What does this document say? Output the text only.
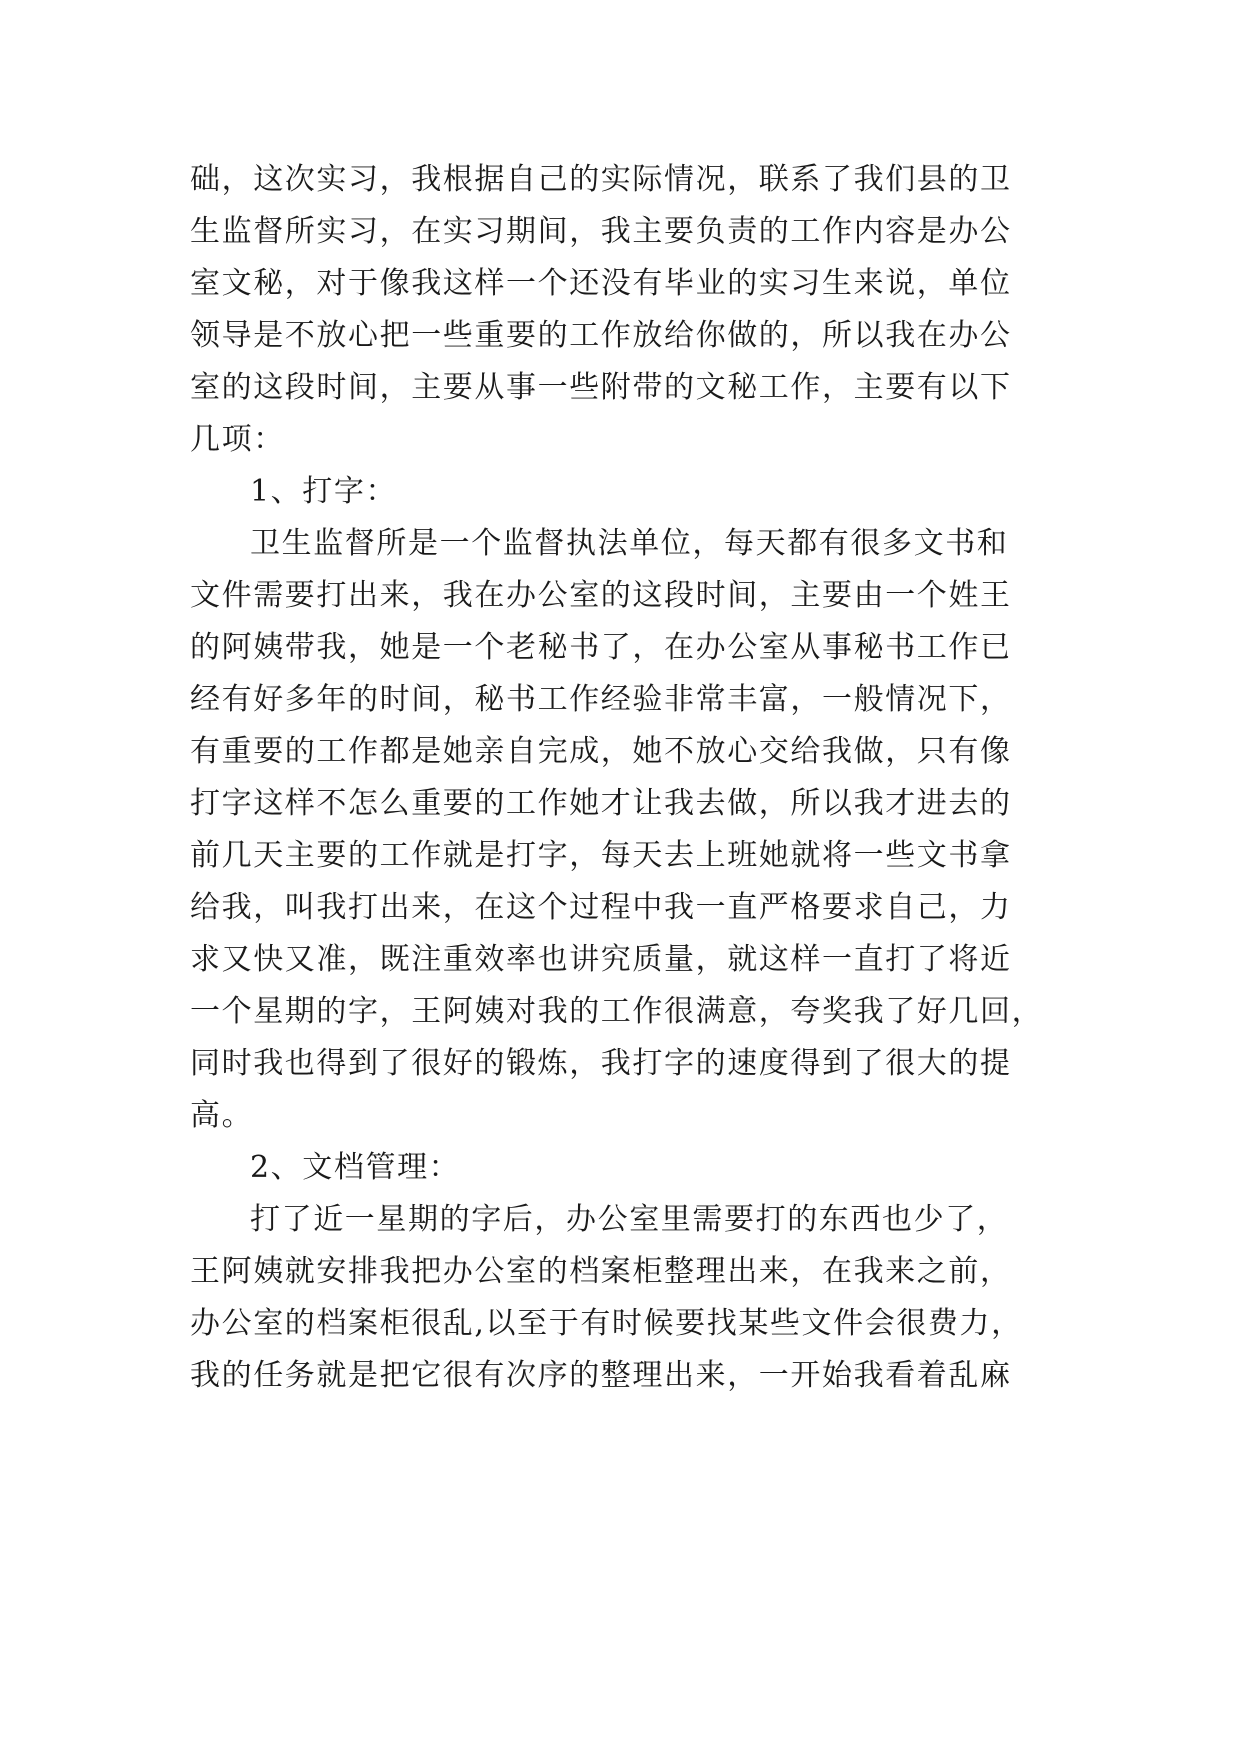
础，这次实习，我根据自己的实际情况，联系了我们县的卫
生监督所实习，在实习期间，我主要负责的工作内容是办公
室文秘，对于像我这样一个还没有毕业的实习生来说，单位
领导是不放心把一些重要的工作放给你做的，所以我在办公
室的这段时间，主要从事一些附带的文秘工作，主要有以下
几项：
1、打字：
卫生监督所是一个监督执法单位，每天都有很多文书和
文件需要打出来，我在办公室的这段时间，主要由一个姓王
的阿姨带我，她是一个老秘书了，在办公室从事秘书工作已
经有好多年的时间，秘书工作经验非常丰富，一般情况下，
有重要的工作都是她亲自完成，她不放心交给我做，只有像
打字这样不怎么重要的工作她才让我去做，所以我才进去的
前几天主要的工作就是打字，每天去上班她就将一些文书拿
给我，叫我打出来，在这个过程中我一直严格要求自己，力
求又快又准，既注重效率也讲究质量，就这样一直打了将近
一个星期的字，王阿姨对我的工作很满意，夸奖我了好几回，
同时我也得到了很好的锻炼，我打字的速度得到了很大的提
高。
2、文档管理：
打了近一星期的字后，办公室里需要打的东西也少了，
王阿姨就安排我把办公室的档案柜整理出来，在我来之前，
办公室的档案柜很乱,以至于有时候要找某些文件会很费力，
我的任务就是把它很有次序的整理出来，一开始我看着乱麻
